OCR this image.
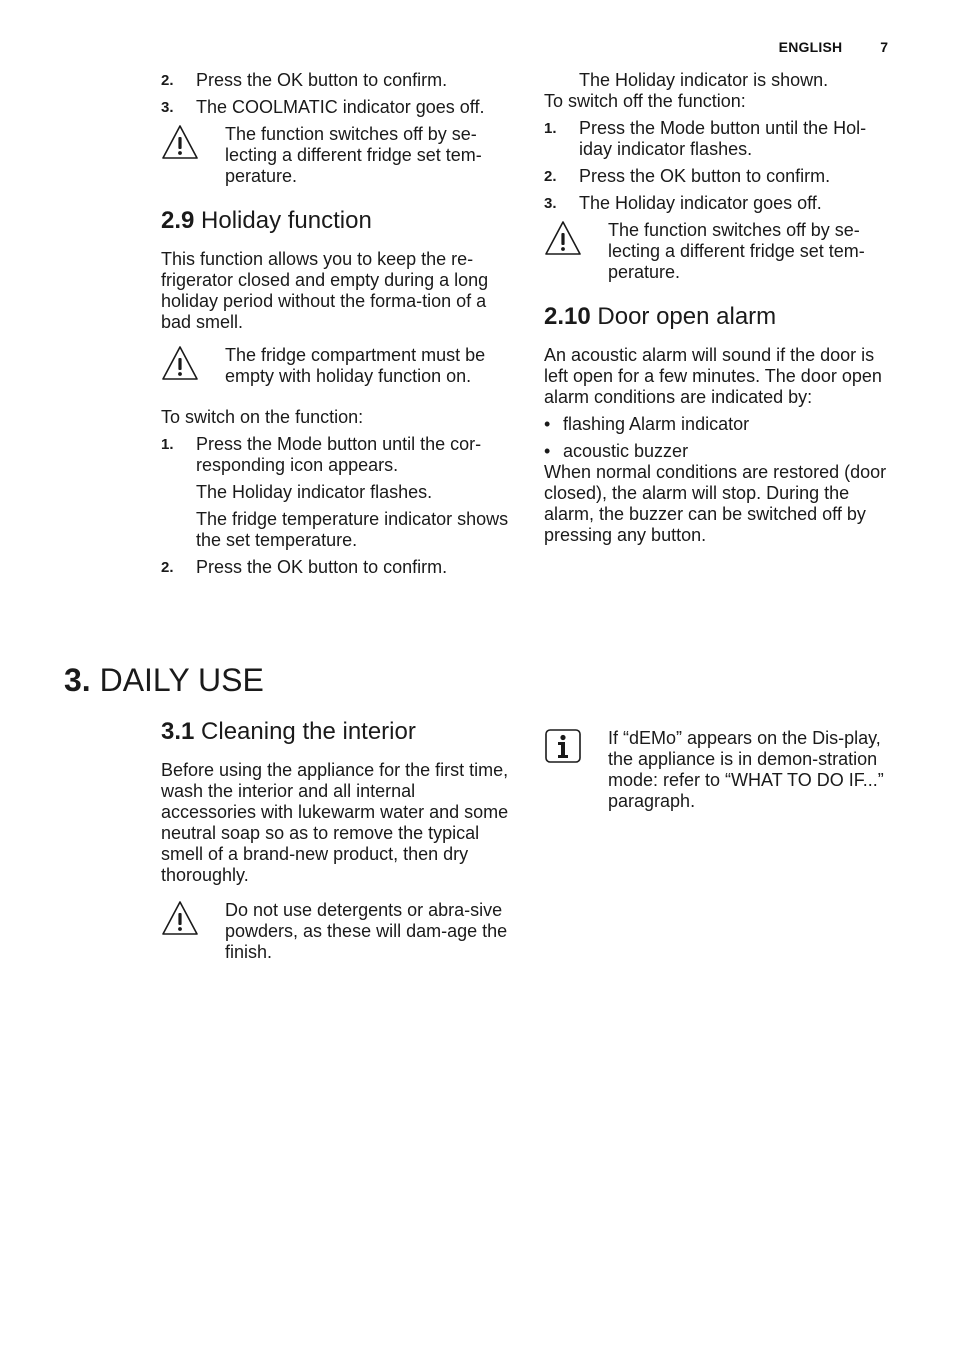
ENGLISH	7
2. Press the OK button to confirm.
3. The COOLMATIC indicator goes off.
The function switches off by se-lecting a different fridge set tem-perature.
2.9 Holiday function

This function allows you to keep the re-frigerator closed and empty during a long holiday period without the forma-tion of a bad smell.

The fridge compartment must be empty with holiday function on.

To switch on the function:

1. Press the Mode button until the cor-responding icon appears.

The Holiday indicator flashes.

The fridge temperature indicator shows the set temperature.

2. Press the OK button to confirm.

The Holiday indicator is shown.

To switch off the function:

1. Press the Mode button until the Hol-iday indicator flashes.
2. Press the OK button to confirm.
3. The Holiday indicator goes off.
The function switches off by se-lecting a different fridge set tem-perature.
2.10 Door open alarm

An acoustic alarm will sound if the door is left open for a few minutes. The door open alarm conditions are indicated by:

• flashing Alarm indicator
• acoustic buzzer

When normal conditions are restored (door closed), the alarm will stop. During the alarm, the buzzer can be switched off by pressing any button.

3. DAILY USE
3.1 Cleaning the interior

Before using the appliance for the first time, wash the interior and all internal accessories with lukewarm water and some neutral soap so as to remove the typical smell of a brand-new product, then dry thoroughly.

Do not use detergents or abra-sive powders, as these will dam-age the finish.
If “dEMo” appears on the Dis-play, the appliance is in demon-stration mode: refer to “WHAT TO DO IF...” paragraph.
